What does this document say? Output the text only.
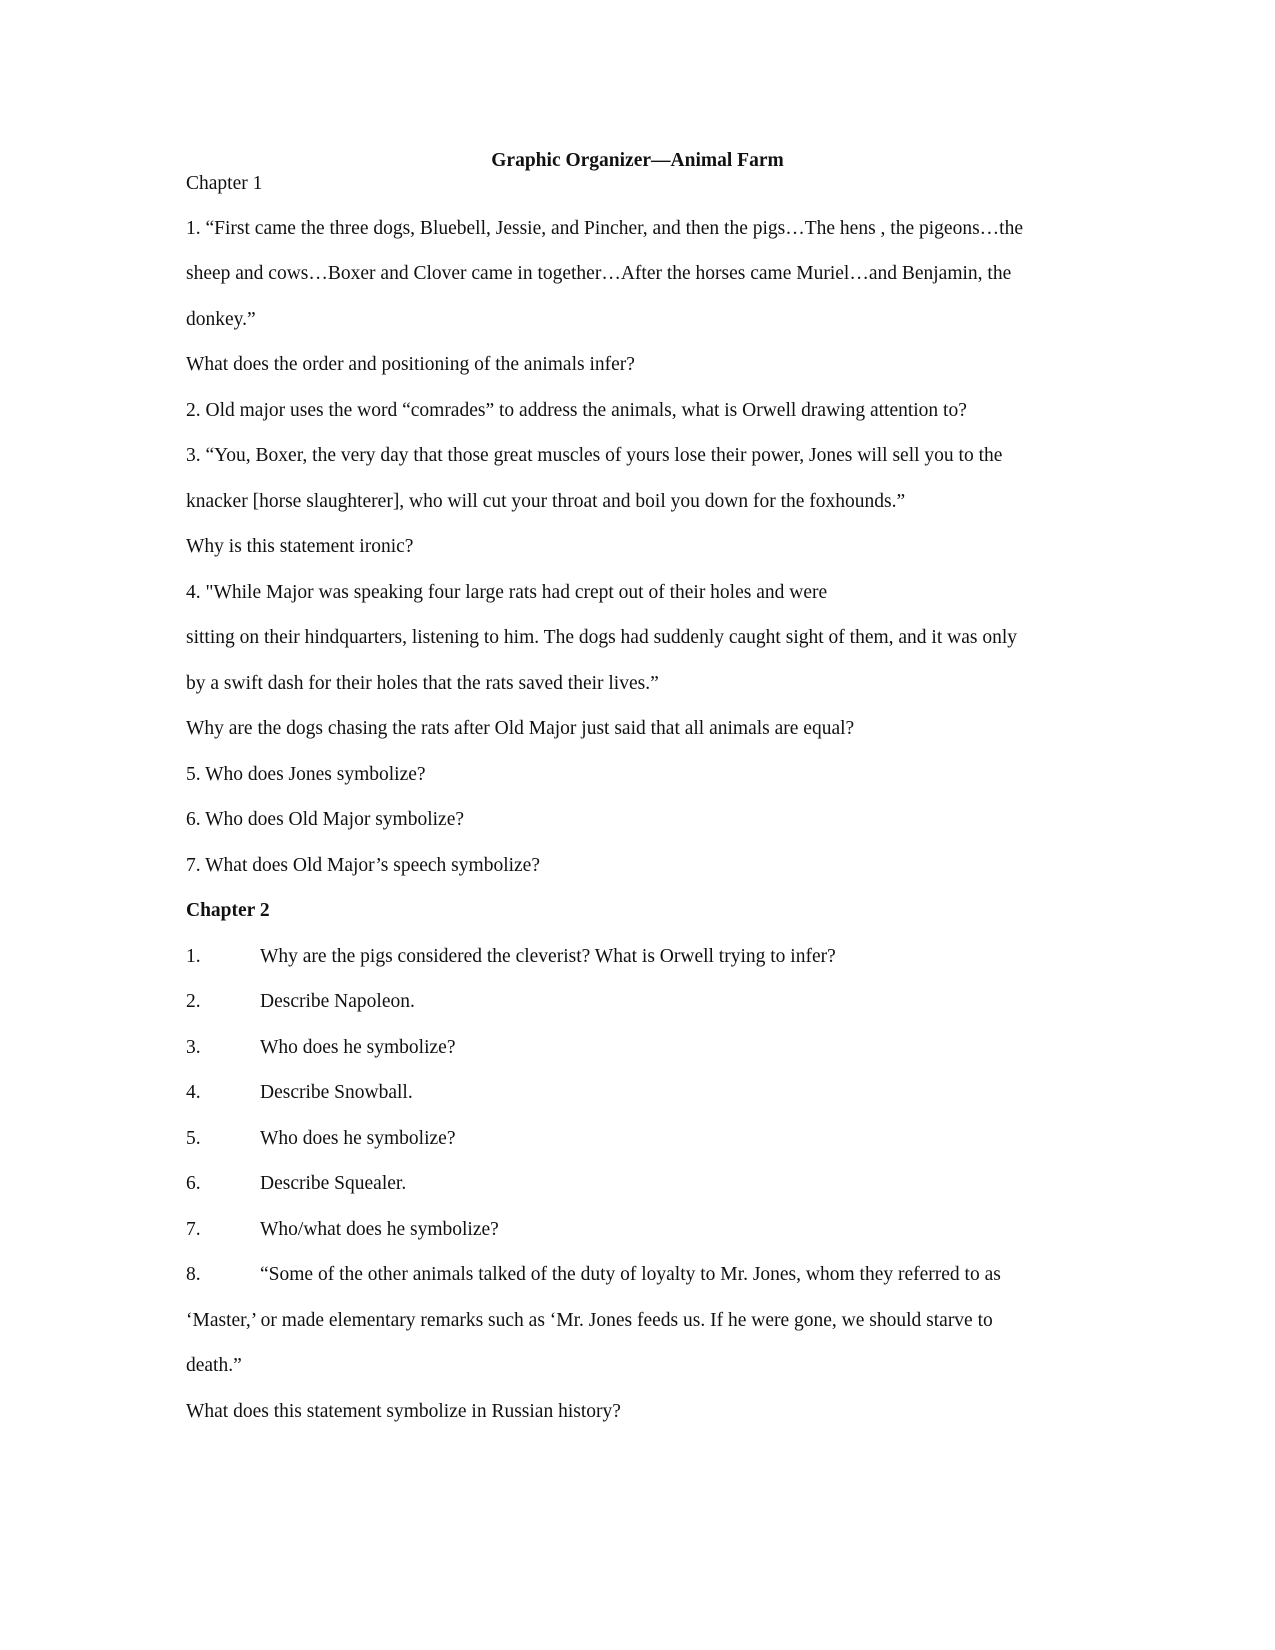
Graphic Organizer—Animal Farm
Chapter 1
1. “First came the three dogs, Bluebell, Jessie, and Pincher, and then the pigs…The hens , the pigeons…the
sheep and cows…Boxer and Clover came in together…After the horses came Muriel…and Benjamin, the
donkey.”
What does the order and positioning of the animals infer?
2. Old major uses the word “comrades” to address the animals, what is Orwell drawing attention to?
3. “You, Boxer, the very day that those great muscles of yours lose their power, Jones will sell you to the
knacker [horse slaughterer], who will cut your throat and boil you down for the foxhounds.”
Why is this statement ironic?
4. "While Major was speaking four large rats had crept out of their holes and were
sitting on their hindquarters, listening to him. The dogs had suddenly caught sight of them, and it was only
by a swift dash for their holes that the rats saved their lives.”
Why are the dogs chasing the rats after Old Major just said that all animals are equal?
5. Who does Jones symbolize?
6. Who does Old Major symbolize?
7. What does Old Major’s speech symbolize?
Chapter 2
1.	Why are the pigs considered the cleverist? What is Orwell trying to infer?
2.	Describe Napoleon.
3.	Who does he symbolize?
4.	Describe Snowball.
5.	Who does he symbolize?
6.	Describe Squealer.
7.	Who/what does he symbolize?
8.	“Some of the other animals talked of the duty of loyalty to Mr. Jones, whom they referred to as
‘Master,’ or made elementary remarks such as ‘Mr. Jones feeds us. If he were gone, we should starve to
death.”
What does this statement symbolize in Russian history?
